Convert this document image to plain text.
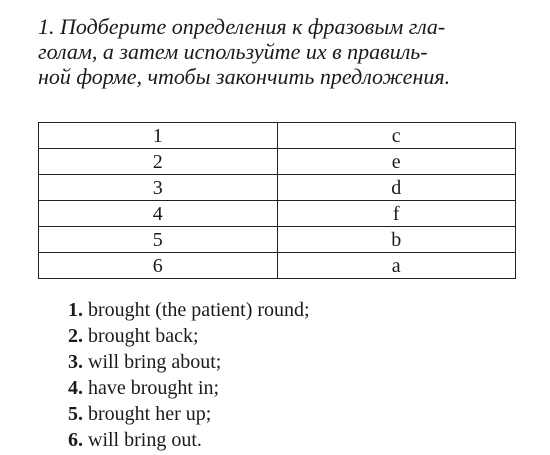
1. Подберите определения к фразовым гла-
голам, а затем используйте их в правиль-
ной форме, чтобы закончить предложения.

1	c
2	e
3	d
4	f
5	b
6	a
1. brought (the patient) round;
2. brought back;
3. will bring about;
4. have brought in;
5. brought her up;
6. will bring out.
